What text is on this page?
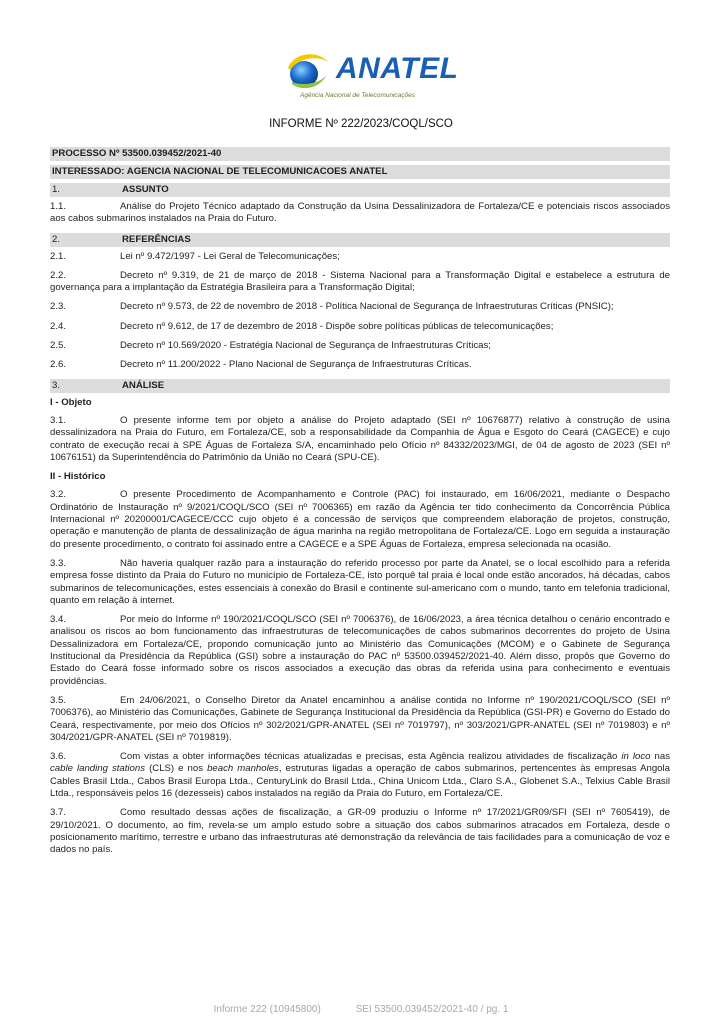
ANATEL
Agência Nacional de Telecomunicações
INFORME Nº 222/2023/COQL/SCO
PROCESSO Nº 53500.039452/2021-40
INTERESSADO: AGENCIA NACIONAL DE TELECOMUNICACOES ANATEL
1.	ASSUNTO
1.1.	Análise do Projeto Técnico adaptado da Construção da Usina Dessalinizadora de Fortaleza/CE e potenciais riscos associados aos cabos submarinos instalados na Praia do Futuro.
2.	REFERÊNCIAS
2.1.	Lei nº 9.472/1997 - Lei Geral de Telecomunicações;
2.2.	Decreto nº 9.319, de 21 de março de 2018 - Sistema Nacional para a Transformação Digital e estabelece a estrutura de governança para a implantação da Estratégia Brasileira para a Transformação Digital;
2.3.	Decreto nº 9.573, de 22 de novembro de 2018 - Política Nacional de Segurança de Infraestruturas Críticas (PNSIC);
2.4.	Decreto nº 9.612, de 17 de dezembro de 2018 - Dispõe sobre políticas públicas de telecomunicações;
2.5.	Decreto nº 10.569/2020 - Estratégia Nacional de Segurança de Infraestruturas Críticas;
2.6.	Decreto nº 11.200/2022 - Plano Nacional de Segurança de Infraestruturas Críticas.
3.	ANÁLISE
I - Objeto
3.1.	O presente informe tem por objeto a análise do Projeto adaptado (SEI nº 10676877) relativo à construção de usina dessalinizadora na Praia do Futuro, em Fortaleza/CE, sob a responsabilidade da Companhia de Água e Esgoto do Ceará (CAGECE) e cujo contrato de execução recai à SPE Águas de Fortaleza S/A, encaminhado pelo Ofício nº 84332/2023/MGI, de 04 de agosto de 2023 (SEI nº 10676151) da Superintendência do Patrimônio da União no Ceará (SPU-CE).
II - Histórico
3.2.	O presente Procedimento de Acompanhamento e Controle (PAC) foi instaurado, em 16/06/2021, mediante o Despacho Ordinatório de Instauração nº 9/2021/COQL/SCO (SEI nº 7006365) em razão da Agência ter tido conhecimento da Concorrência Pública Internacional nº 20200001/CAGECE/CCC cujo objeto é a concessão de serviços que compreendem elaboração de projetos, construção, operação e manutenção de planta de dessalinização de água marinha na região metropolitana de Fortaleza/CE. Logo em seguida a instauração do presente procedimento, o contrato foi assinado entre a CAGECE e a SPE Águas de Fortaleza, empresa selecionada na ocasião.
3.3.	Não haveria qualquer razão para a instauração do referido processo por parte da Anatel, se o local escolhido para a referida empresa fosse distinto da Praia do Futuro no município de Fortaleza-CE, isto porquê tal praia é local onde estão ancorados, há décadas, cabos submarinos de telecomunicações, estes essenciais à conexão do Brasil e continente sul-americano com o mundo, tanto em telefonia tradicional, quanto em relação à internet.
3.4.	Por meio do Informe nº 190/2021/COQL/SCO (SEI nº 7006376), de 16/06/2023, a área técnica detalhou o cenário encontrado e analisou os riscos ao bom funcionamento das infraestruturas de telecomunicações de cabos submarinos decorrentes do projeto de Usina Dessalinizadora em Fortaleza/CE, propondo comunicação junto ao Ministério das Comunicações (MCOM) e o Gabinete de Segurança Institucional da Presidência da República (GSI) sobre a instauração do PAC nº 53500.039452/2021-40. Além disso, propôs que Governo do Estado do Ceará fosse informado sobre os riscos associados a execução das obras da referida usina para conhecimento e eventuais providências.
3.5.	Em 24/06/2021, o Conselho Diretor da Anatel encaminhou a análise contida no Informe nº 190/2021/COQL/SCO (SEI nº 7006376), ao Ministério das Comunicações, Gabinete de Segurança Institucional da Presidência da República (GSI-PR) e Governo do Estado do Ceará, respectivamente, por meio dos Ofícios nº 302/2021/GPR-ANATEL (SEI nº 7019797), nº 303/2021/GPR-ANATEL (SEI nº 7019803) e nº 304/2021/GPR-ANATEL (SEI nº 7019819).
3.6.	Com vistas a obter informações técnicas atualizadas e precisas, esta Agência realizou atividades de fiscalização in loco nas cable landing stations (CLS) e nos beach manholes, estruturas ligadas a operação de cabos submarinos, pertencentes às empresas Angola Cables Brasil Ltda., Cabos Brasil Europa Ltda., CenturyLink do Brasil Ltda., China Unicom Ltda., Claro S.A., Globenet S.A., Telxius Cable Brasil Ltda., responsáveis pelos 16 (dezesseis) cabos instalados na região da Praia do Futuro, em Fortaleza/CE.
3.7.	Como resultado dessas ações de fiscalização, a GR-09 produziu o Informe nº 17/2021/GR09/SFI (SEI nº 7605419), de 29/10/2021. O documento, ao fim, revela-se um amplo estudo sobre a situação dos cabos submarinos atracados em Fortaleza, desde o posicionamento marítimo, terrestre e urbano das infraestruturas até demonstração da relevância de tais facilidades para a comunicação de voz e dados no país.
Informe 222 (10945800)	SEI 53500.039452/2021-40 / pg. 1
